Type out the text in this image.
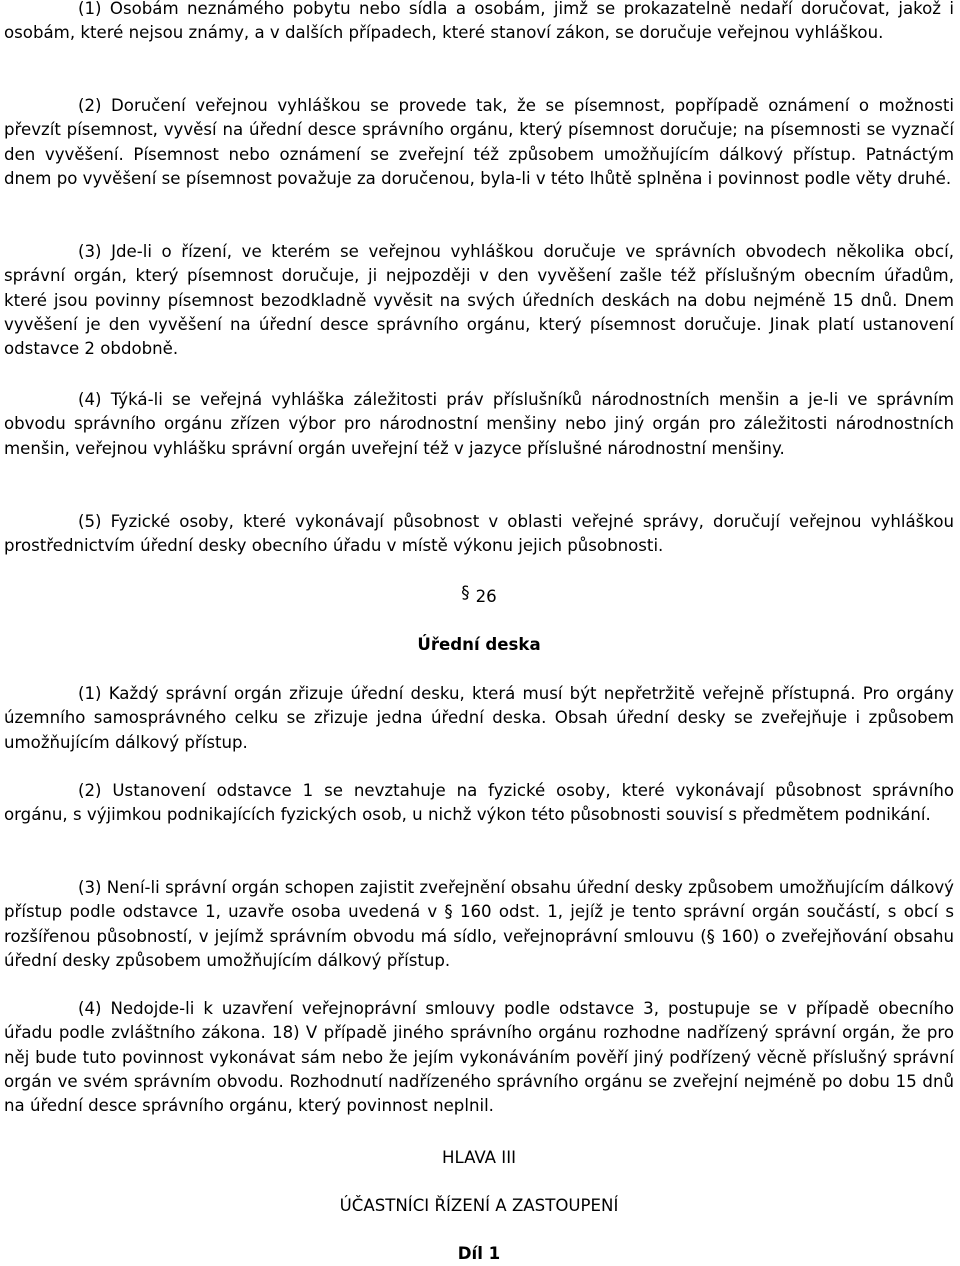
(1) Osobám neznámého pobytu nebo sídla a osobám, jimž se prokazatelně nedaří doručovat, jakož i osobám, které nejsou známy, a v dalších případech, které stanoví zákon, se doručuje veřejnou vyhláškou.

(2) Doručení veřejnou vyhláškou se provede tak, že se písemnost, popřípadě oznámení o možnosti převzít písemnost, vyvěsí na úřední desce správního orgánu, který písemnost doručuje; na písemnosti se vyznačí den vyvěšení. Písemnost nebo oznámení se zveřejní též způsobem umožňujícím dálkový přístup. Patnáctým dnem po vyvěšení se písemnost považuje za doručenou, byla-li v této lhůtě splněna i povinnost podle věty druhé.

(3) Jde-li o řízení, ve kterém se veřejnou vyhláškou doručuje ve správních obvodech několika obcí, správní orgán, který písemnost doručuje, ji nejpozději v den vyvěšení zašle též příslušným obecním úřadům, které jsou povinny písemnost bezodkladně vyvěsit na svých úředních deskách na dobu nejméně 15 dnů. Dnem vyvěšení je den vyvěšení na úřední desce správního orgánu, který písemnost doručuje. Jinak platí ustanovení odstavce 2 obdobně.

(4) Týká-li se veřejná vyhláška záležitosti práv příslušníků národnostních menšin a je-li ve správním obvodu správního orgánu zřízen výbor pro národnostní menšiny nebo jiný orgán pro záležitosti národnostních menšin, veřejnou vyhlášku správní orgán uveřejní též v jazyce příslušné národnostní menšiny.

(5) Fyzické osoby, které vykonávají působnost v oblasti veřejné správy, doručují veřejnou vyhláškou prostřednictvím úřední desky obecního úřadu v místě výkonu jejich působnosti.

§ 26

Úřední deska

(1) Každý správní orgán zřizuje úřední desku, která musí být nepřetržitě veřejně přístupná. Pro orgány územního samosprávného celku se zřizuje jedna úřední deska. Obsah úřední desky se zveřejňuje i způsobem umožňujícím dálkový přístup.

(2) Ustanovení odstavce 1 se nevztahuje na fyzické osoby, které vykonávají působnost správního orgánu, s výjimkou podnikajících fyzických osob, u nichž výkon této působnosti souvisí s předmětem podnikání.

(3) Není-li správní orgán schopen zajistit zveřejnění obsahu úřední desky způsobem umožňujícím dálkový přístup podle odstavce 1, uzavře osoba uvedená v § 160 odst. 1, jejíž je tento správní orgán součástí, s obcí s rozšířenou působností, v jejímž správním obvodu má sídlo, veřejnoprávní smlouvu (§ 160) o zveřejňování obsahu úřední desky způsobem umožňujícím dálkový přístup.

(4) Nedojde-li k uzavření veřejnoprávní smlouvy podle odstavce 3, postupuje se v případě obecního úřadu podle zvláštního zákona. 18) V případě jiného správního orgánu rozhodne nadřízený správní orgán, že pro něj bude tuto povinnost vykonávat sám nebo že jejím vykonáváním pověří jiný podřízený věcně příslušný správní orgán ve svém správním obvodu. Rozhodnutí nadřízeného správního orgánu se zveřejní nejméně po dobu 15 dnů na úřední desce správního orgánu, který povinnost neplnil.

HLAVA III

ÚČASTNÍCI ŘÍZENÍ A ZASTOUPENÍ

Díl 1
